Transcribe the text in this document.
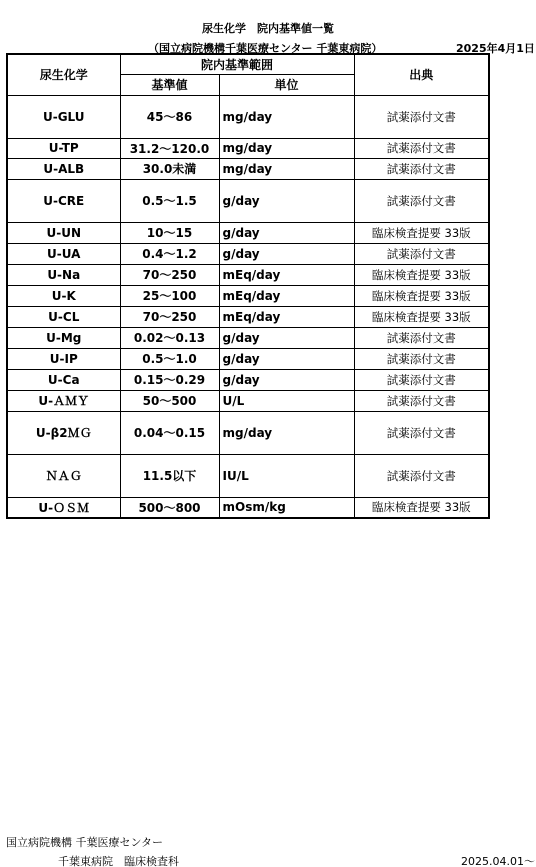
尿生化学　院内基準値一覧
（国立病院機構千葉医療センター 千葉東病院）	2025年4月1日
尿生化学	院内基準範囲		出典
	基準値	単位	
U-GLU	45～86	mg/day	試薬添付文書
U-TP	31.2～120.0	mg/day	試薬添付文書
U-ALB	30.0未満	mg/day	試薬添付文書
U-CRE	0.5～1.5	g/day	試薬添付文書
U-UN	10～15	g/day	臨床検査提要 33版
U-UA	0.4～1.2	g/day	試薬添付文書
U-Na	70～250	mEq/day	臨床検査提要 33版
U-K	25～100	mEq/day	臨床検査提要 33版
U-CL	70～250	mEq/day	臨床検査提要 33版
U-Mg	0.02～0.13	g/day	試薬添付文書
U-IP	0.5～1.0	g/day	試薬添付文書
U-Ca	0.15～0.29	g/day	試薬添付文書
U-ＡＭＹ	50～500	U/L	試薬添付文書
U-β2ＭＧ	0.04～0.15	mg/day	試薬添付文書
ＮＡＧ	11.5以下	IU/L	試薬添付文書
U-ＯＳＭ	500～800	mOsm/kg	臨床検査提要 33版
国立病院機構 千葉医療センター
千葉東病院　臨床検査科	2025.04.01～
